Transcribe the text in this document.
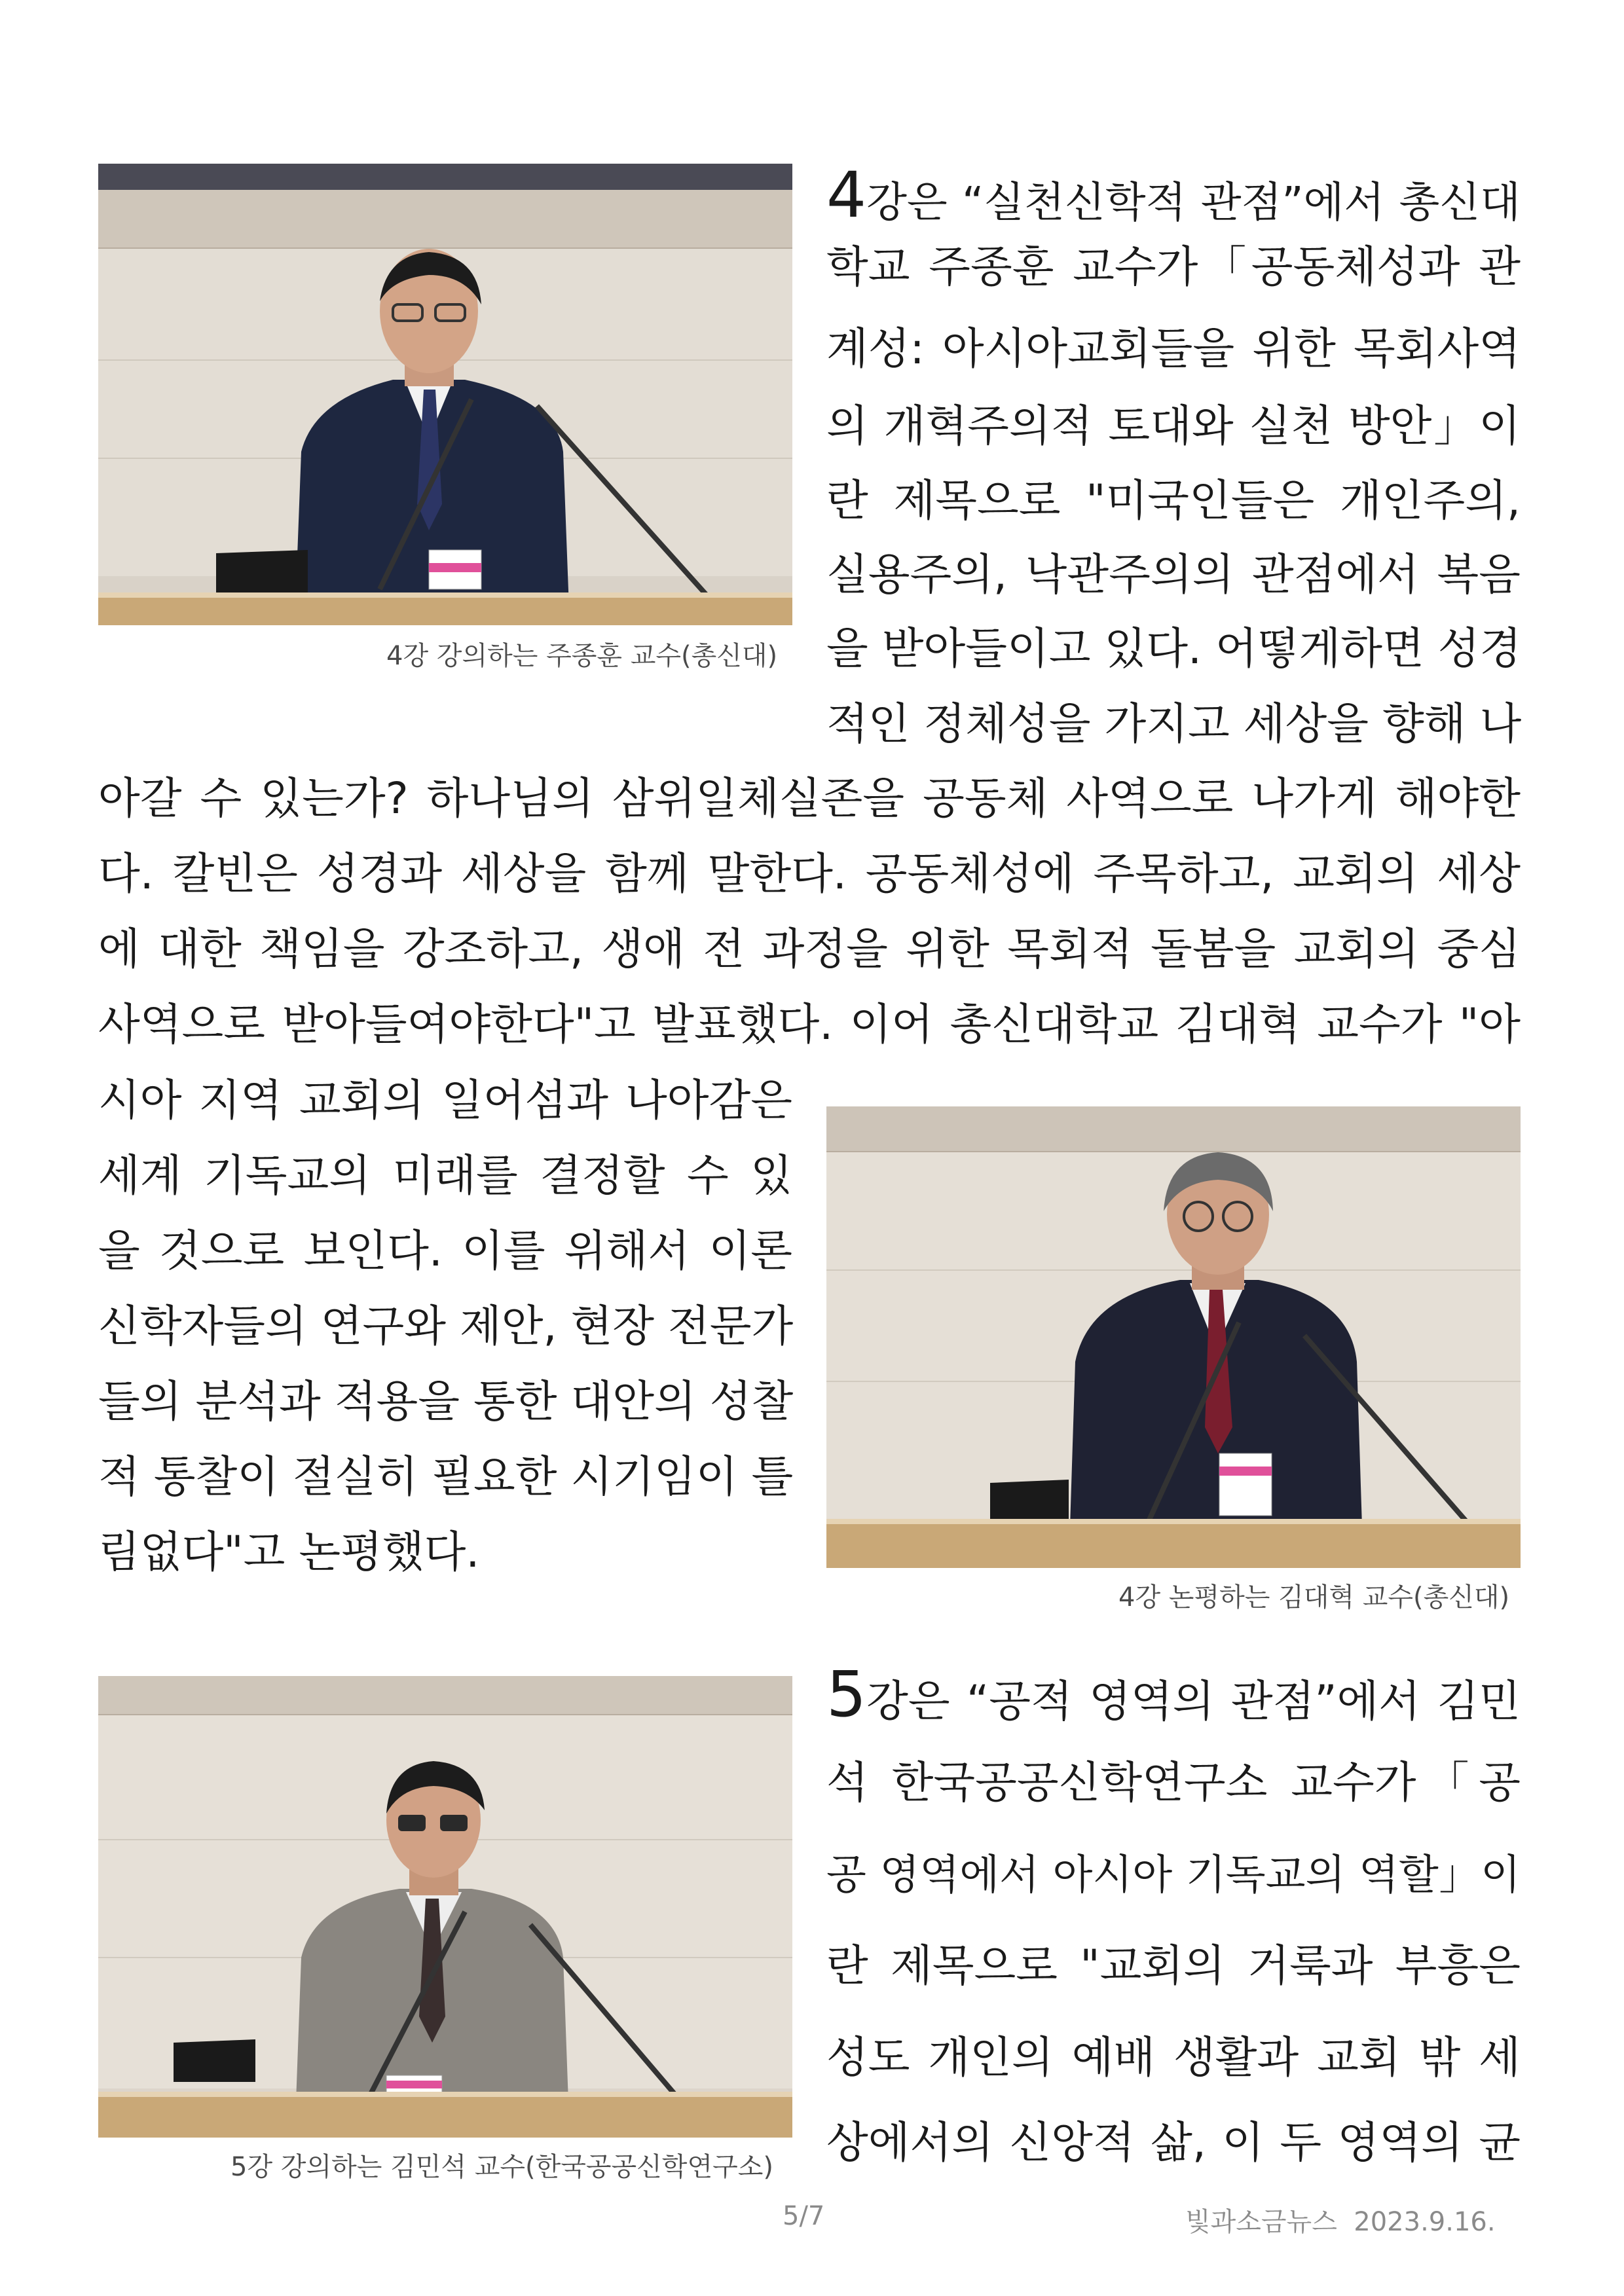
4강 강의하는 주종훈 교수(총신대)
4강 논평하는 김대혁 교수(총신대)
5강 강의하는 김민석 교수(한국공공신학연구소)
4강은 “실천신학적 관점”에서 총신대
학교 주종훈 교수가「공동체성과 관
계성: 아시아교회들을 위한 목회사역
의 개혁주의적 토대와 실천 방안」이
란 제목으로 "미국인들은 개인주의,
실용주의, 낙관주의의 관점에서 복음
을 받아들이고 있다. 어떻게하면 성경
적인 정체성을 가지고 세상을 향해 나
아갈 수 있는가? 하나님의 삼위일체실존을 공동체 사역으로 나가게 해야한
다. 칼빈은 성경과 세상을 함께 말한다. 공동체성에 주목하고, 교회의 세상
에 대한 책임을 강조하고, 생애 전 과정을 위한 목회적 돌봄을 교회의 중심
사역으로 받아들여야한다"고 발표했다. 이어 총신대학교 김대혁 교수가 "아
시아 지역 교회의 일어섬과 나아감은
세계 기독교의 미래를 결정할 수 있
을 것으로 보인다. 이를 위해서 이론
신학자들의 연구와 제안, 현장 전문가
들의 분석과 적용을 통한 대안의 성찰
적 통찰이 절실히 필요한 시기임이 틀
림없다"고 논평했다.
5강은 “공적 영역의 관점”에서 김민
석 한국공공신학연구소 교수가「공
공 영역에서 아시아 기독교의 역할」이
란 제목으로 "교회의 거룩과 부흥은
성도 개인의 예배 생활과 교회 밖 세
상에서의 신앙적 삶, 이 두 영역의 균
5/7	빛과소금뉴스 2023.9.16.
